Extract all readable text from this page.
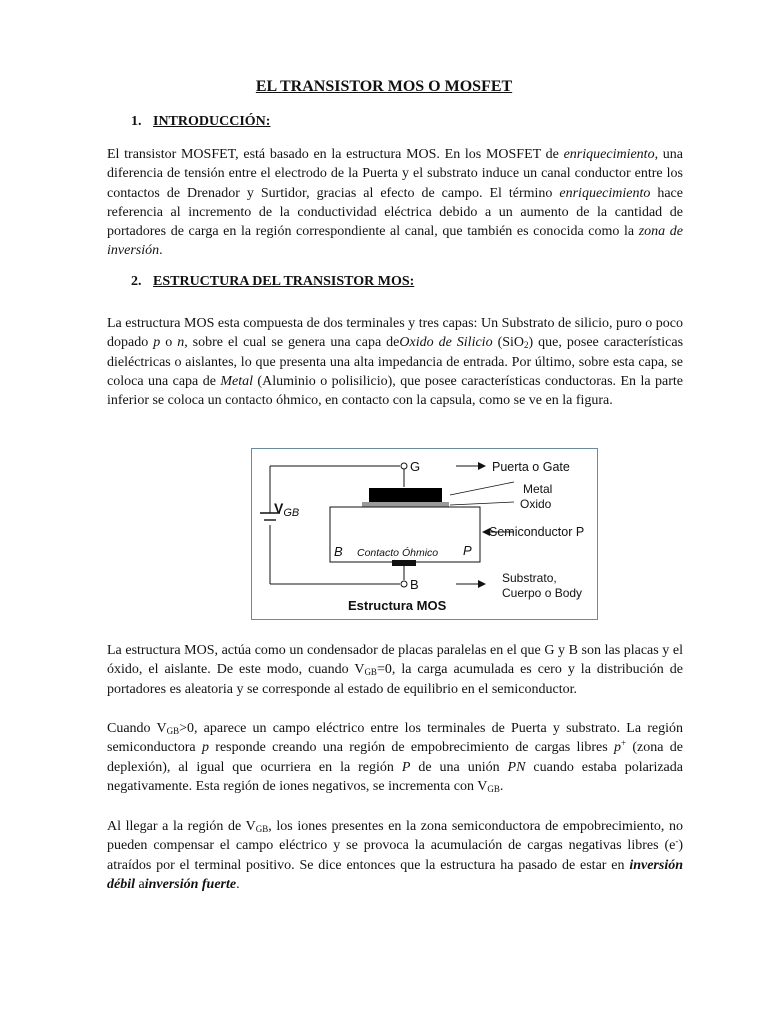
EL TRANSISTOR MOS O MOSFET
1. INTRODUCCIÓN:

El transistor MOSFET, está basado en la estructura MOS. En los MOSFET de enriquecimiento, una diferencia de tensión entre el electrodo de la Puerta y el substrato induce un canal conductor entre los contactos de Drenador y Surtidor, gracias al efecto de campo. El término enriquecimiento hace referencia al incremento de la conductividad eléctrica debido a un aumento de la cantidad de portadores de carga en la región correspondiente al canal, que también es conocida como la zona de inversión.

2. ESTRUCTURA DEL TRANSISTOR MOS:

La estructura MOS esta compuesta de dos terminales y tres capas: Un Substrato de silicio, puro o poco dopado p o n, sobre el cual se genera una capa deOxido de Silicio (SiO$_2$) que, posee características dieléctricas o aislantes, lo que presenta una alta impedancia de entrada. Por último, sobre esta capa, se coloca una capa de Metal (Aluminio o polisilicio), que posee características conductoras. En la parte inferior se coloca un contacto óhmico, en contacto con la capsula, como se ve en la figura.

G	Puerta o Gate
Metal
Oxido
Semiconductor P
$V_{GB}$
B Contacto Óhmico P
B	Substrato,
Cuerpo o Body
Estructura MOS

La estructura MOS, actúa como un condensador de placas paralelas en el que G y B son las placas y el óxido, el aislante. De este modo, cuando $V_{GB}=0$, la carga acumulada es cero y la distribución de portadores es aleatoria y se corresponde al estado de equilibrio en el semiconductor.

Cuando $V_{GB}>0$, aparece un campo eléctrico entre los terminales de Puerta y substrato. La región semiconductora p responde creando una región de empobrecimiento de cargas libres p+ (zona de deplexión), al igual que ocurriera en la región P de una unión PN cuando estaba polarizada negativamente. Esta región de iones negativos, se incrementa con $V_{GB}$.

Al llegar a la región de $V_{GB}$, los iones presentes en la zona semiconductora de empobrecimiento, no pueden compensar el campo eléctrico y se provoca la acumulación de cargas negativas libres (e-) atraídos por el terminal positivo. Se dice entonces que la estructura ha pasado de estar en inversión débil ainversión fuerte.
